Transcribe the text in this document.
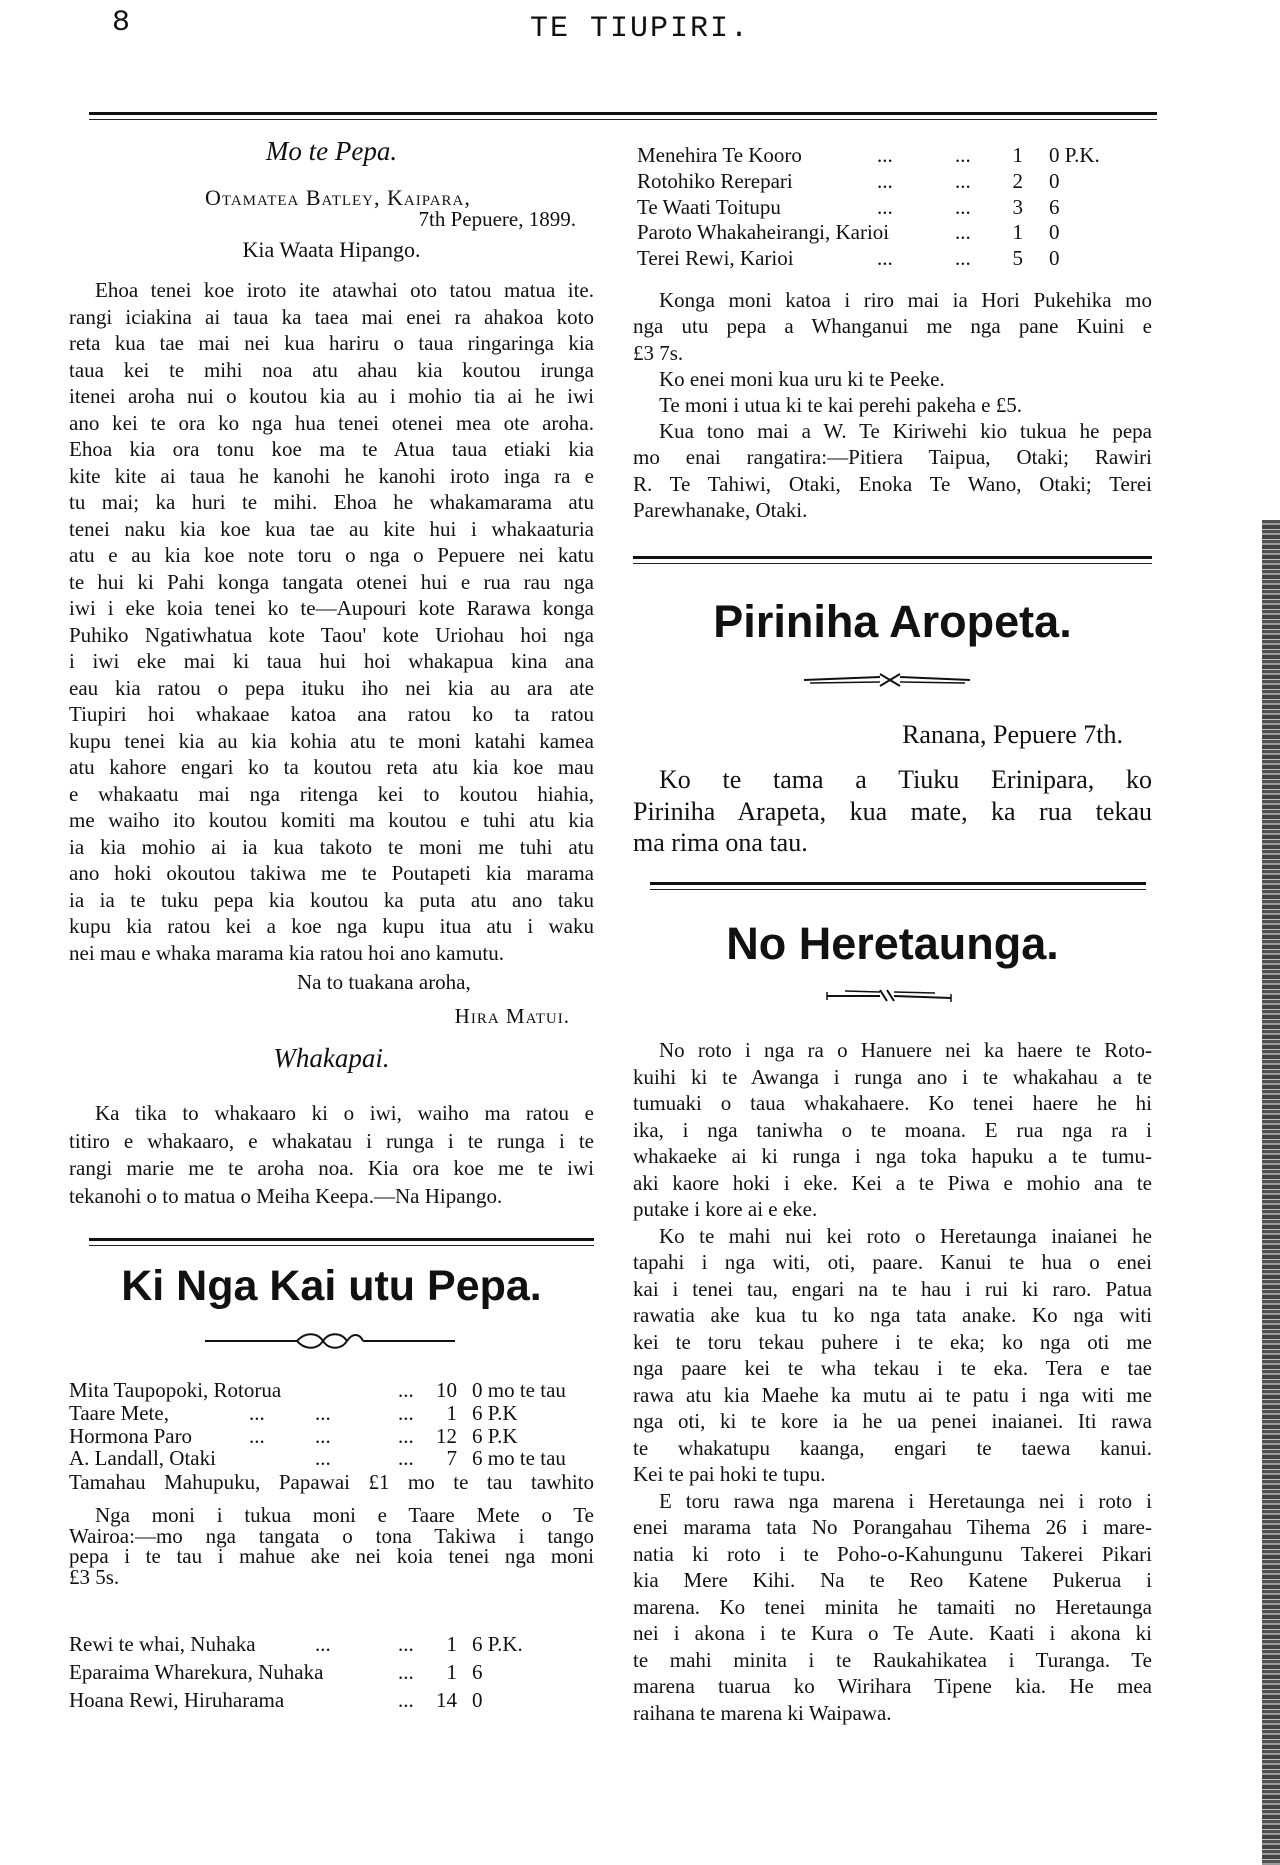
8	TE TIUPIRI.
Mo te Pepa.
Otamatea Batley, Kaipara,
7th Pepuere, 1899.
Kia Waata Hipango.
Ehoa tenei koe iroto ite atawhai oto tatou matua ite.
rangi iciakina ai taua ka taea mai enei ra ahakoa koto
reta kua tae mai nei kua hariru o taua ringaringa kia
taua kei te mihi noa atu ahau kia koutou irunga
itenei aroha nui o koutou kia au i mohio tia ai he iwi
ano kei te ora ko nga hua tenei otenei mea ote aroha.
Ehoa kia ora tonu koe ma te Atua taua etiaki kia
kite kite ai taua he kanohi he kanohi iroto inga ra e
tu mai; ka huri te mihi. Ehoa he whakamarama atu
tenei naku kia koe kua tae au kite hui i whakaaturia
atu e au kia koe note toru o nga o Pepuere nei katu
te hui ki Pahi konga tangata otenei hui e rua rau nga
iwi i eke koia tenei ko te—Aupouri kote Rarawa konga
Puhiko Ngatiwhatua kote Taou' kote Uriohau hoi nga
i iwi eke mai ki taua hui hoi whakapua kina ana
eau kia ratou o pepa ituku iho nei kia au ara ate
Tiupiri hoi whakaae katoa ana ratou ko ta ratou
kupu tenei kia au kia kohia atu te moni katahi kamea
atu kahore engari ko ta koutou reta atu kia koe mau
e whakaatu mai nga ritenga kei to koutou hiahia,
me waiho ito koutou komiti ma koutou e tuhi atu kia
ia kia mohio ai ia kua takoto te moni me tuhi atu
ano hoki okoutou takiwa me te Poutapeti kia marama
ia ia te tuku pepa kia koutou ka puta atu ano taku
kupu kia ratou kei a koe nga kupu itua atu i waku
nei mau e whaka marama kia ratou hoi ano kamutu.
Na to tuakana aroha,
Hira Matui.
Whakapai.
Ka tika to whakaaro ki o iwi, waiho ma ratou e
titiro e whakaaro, e whakatau i runga i te runga i te
rangi marie me te aroha noa. Kia ora koe me te iwi
tekanohi o to matua o Meiha Keepa.—Na Hipango.
Ki Nga Kai utu Pepa.
Mita Taupopoki, Rotorua	... 10 0 mo te tau
Taare Mete,	... ...	... 1 6 P.K
Hormona Paro	... ...	... 12 6 P.K
A. Landall, Otaki	...	... 7 6 mo te tau
Tamahau Mahupuku, Papawai £1 mo te tau tawhito
Nga moni i tukua moni e Taare Mete o Te
Wairoa:—mo nga tangata o tona Takiwa i tango
pepa i te tau i mahue ake nei koia tenei nga moni
£3 5s.
Rewi te whai, Nuhaka	...	... 1 6 P.K.
Eparaima Wharekura, Nuhaka	... 1 6
Hoana Rewi, Hiruharama	... 14 0
Menehira Te Kooro	...	... 1 0 P.K.
Rotohiko Rerepari	...	... 2 0
Te Waati Toitupu	...	... 3 6
Paroto Whakaheirangi, Karioi	... 1 0
Terei Rewi, Karioi	...	... 5 0
Konga moni katoa i riro mai ia Hori Pukehika mo
nga utu pepa a Whanganui me nga pane Kuini e
£3 7s.
Ko enei moni kua uru ki te Peeke.
Te moni i utua ki te kai perehi pakeha e £5.
Kua tono mai a W. Te Kiriwehi kio tukua he pepa
mo enai rangatira:—Pitiera Taipua, Otaki; Rawiri
R. Te Tahiwi, Otaki, Enoka Te Wano, Otaki; Terei
Parewhanake, Otaki.
Piriniha Aropeta.
Ranana, Pepuere 7th.
Ko te tama a Tiuku Erinipara, ko
Piriniha Arapeta, kua mate, ka rua tekau
ma rima ona tau.
No Heretaunga.
No roto i nga ra o Hanuere nei ka haere te Roto-
kuihi ki te Awanga i runga ano i te whakahau a te
tumuaki o taua whakahaere. Ko tenei haere he hi
ika, i nga taniwha o te moana. E rua nga ra i
whakaeke ai ki runga i nga toka hapuku a te tumu-
aki kaore hoki i eke. Kei a te Piwa e mohio ana te
putake i kore ai e eke.
Ko te mahi nui kei roto o Heretaunga inaianei he
tapahi i nga witi, oti, paare. Kanui te hua o enei
kai i tenei tau, engari na te hau i rui ki raro. Patua
rawatia ake kua tu ko nga tata anake. Ko nga witi
kei te toru tekau puhere i te eka; ko nga oti me
nga paare kei te wha tekau i te eka. Tera e tae
rawa atu kia Maehe ka mutu ai te patu i nga witi me
nga oti, ki te kore ia he ua penei inaianei. Iti rawa
te whakatupu kaanga, engari te taewa kanui.
Kei te pai hoki te tupu.
E toru rawa nga marena i Heretaunga nei i roto i
enei marama tata No Porangahau Tihema 26 i mare-
natia ki roto i te Poho-o-Kahungunu Takerei Pikari
kia Mere Kihi. Na te Reo Katene Pukerua i
marena. Ko tenei minita he tamaiti no Heretaunga
nei i akona i te Kura o Te Aute. Kaati i akona ki
te mahi minita i te Raukahikatea i Turanga. Te
marena tuarua ko Wirihara Tipene kia. He mea
raihana te marena ki Waipawa.
